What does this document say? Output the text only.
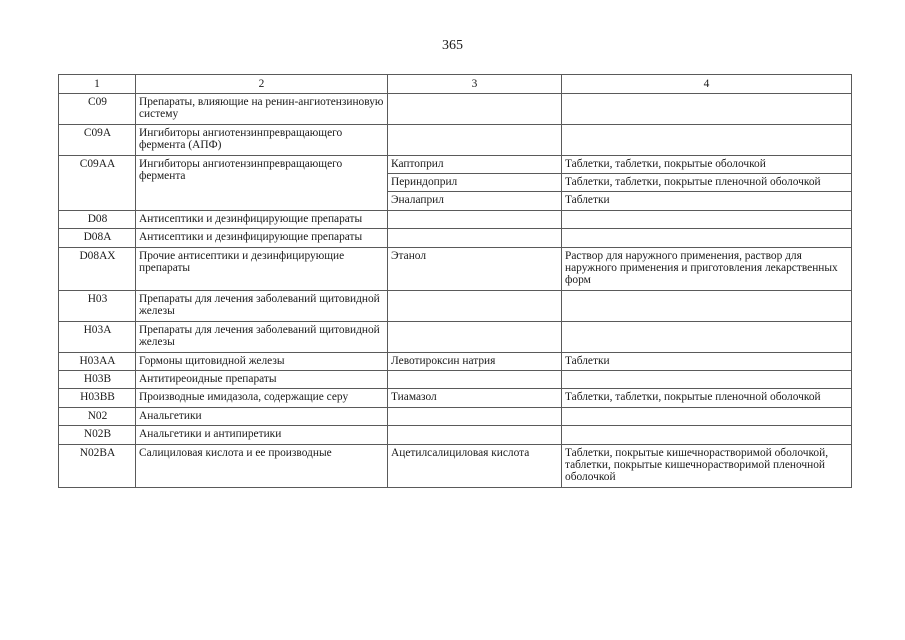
365
1	2	3	4
C09	Препараты, влияющие на ренин-ангиотензиновую систему		
C09A	Ингибиторы ангиотензинпревращающего фермента (АПФ)		
C09AA	Ингибиторы ангиотензинпревращающего фермента	Каптоприл	Таблетки, таблетки, покрытые оболочкой
		Периндоприл	Таблетки, таблетки, покрытые пленочной оболочкой
		Эналаприл	Таблетки
D08	Антисептики и дезинфицирующие препараты		
D08A	Антисептики и дезинфицирующие препараты		
D08AX	Прочие антисептики и дезинфицирующие препараты	Этанол	Раствор для наружного применения, раствор для наружного применения и приготовления лекарственных форм
H03	Препараты для лечения заболеваний щитовидной железы		
H03A	Препараты для лечения заболеваний щитовидной железы		
H03AA	Гормоны щитовидной железы	Левотироксин натрия	Таблетки
H03B	Антитиреоидные препараты		
H03BB	Производные имидазола, содержащие серу	Тиамазол	Таблетки, таблетки, покрытые пленочной оболочкой
N02	Анальгетики		
N02B	Анальгетики и антипиретики		
N02BA	Салициловая кислота и ее производные	Ацетилсалициловая кислота	Таблетки, покрытые кишечнорастворимой оболочкой, таблетки, покрытые кишечнорастворимой пленочной оболочкой
